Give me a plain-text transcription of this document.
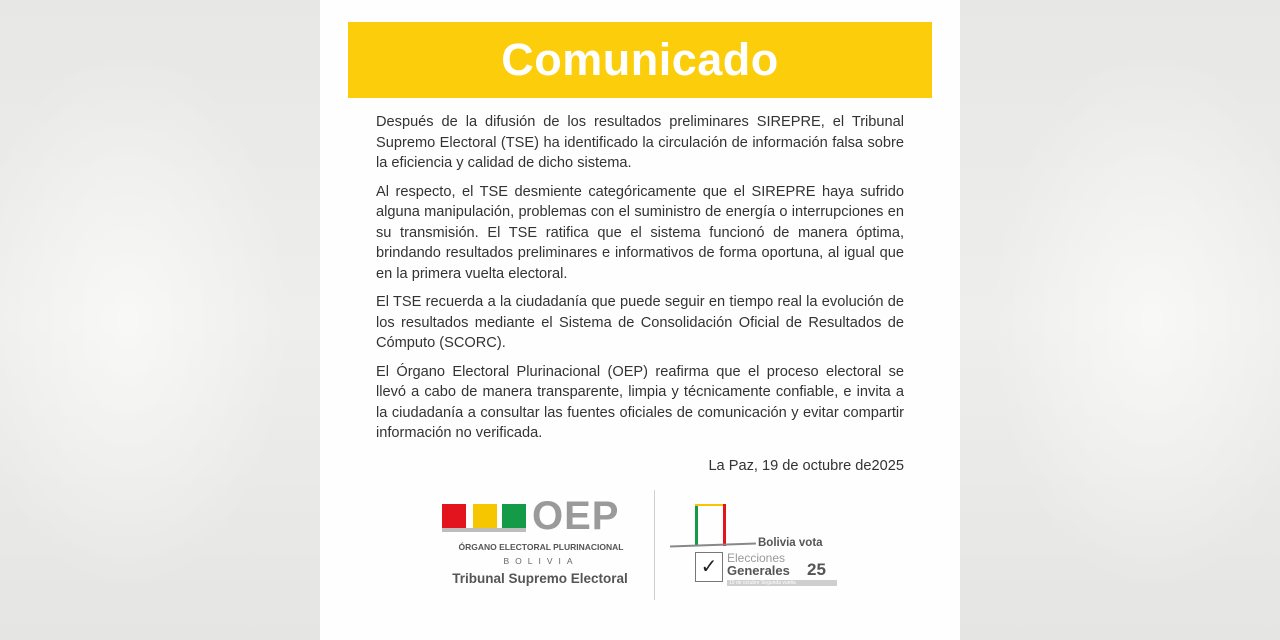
Comunicado

Después de la difusión de los resultados preliminares SIREPRE, el Tribunal Supremo Electoral (TSE) ha identificado la circulación de información falsa sobre la eficiencia y calidad de dicho sistema.

Al respecto, el TSE desmiente categóricamente que el SIREPRE haya sufrido alguna manipulación, problemas con el suministro de energía o interrupciones en su transmisión. El TSE ratifica que el sistema funcionó de manera óptima, brindando resultados preliminares e informativos de forma oportuna, al igual que en la primera vuelta electoral.

El TSE recuerda a la ciudadanía que puede seguir en tiempo real la evolución de los resultados mediante el Sistema de Consolidación Oficial de Resultados de Cómputo (SCORC).

El Órgano Electoral Plurinacional (OEP) reafirma que el proceso electoral se llevó a cabo de manera transparente, limpia y técnicamente confiable, e invita a la ciudadanía a consultar las fuentes oficiales de comunicación y evitar compartir información no verificada.

La Paz, 19 de octubre de2025
OEP
ÓRGANO ELECTORAL PLURINACIONAL
BOLIVIA
Tribunal Supremo Electoral
Bolivia vota
✓ Elecciones
Generales 25
19 de octubre Segunda vuelta
